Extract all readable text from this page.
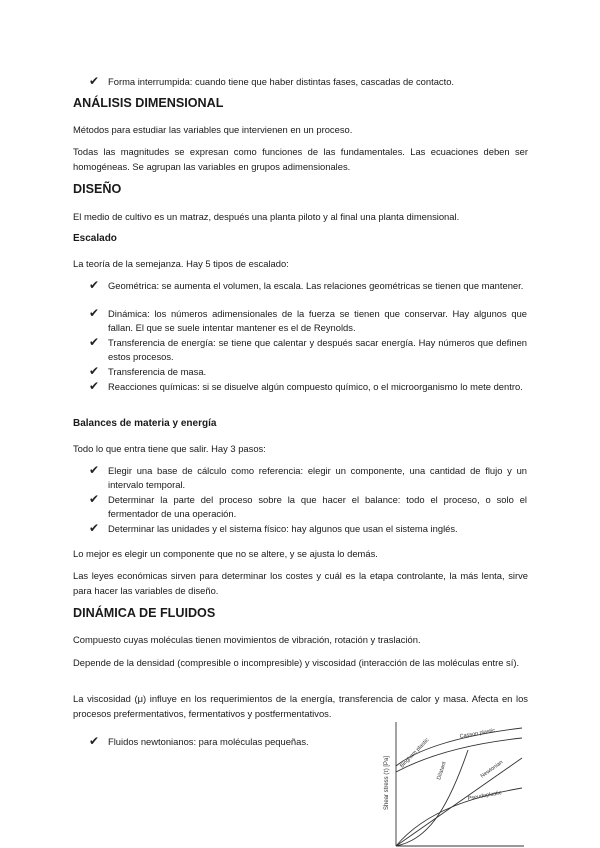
✔ Forma interrumpida: cuando tiene que haber distintas fases, cascadas de contacto.
ANÁLISIS DIMENSIONAL
Métodos para estudiar las variables que intervienen en un proceso.
Todas las magnitudes se expresan como funciones de las fundamentales. Las ecuaciones deben ser homogéneas. Se agrupan las variables en grupos adimensionales.
DISEÑO
El medio de cultivo es un matraz, después una planta piloto y al final una planta dimensional.
Escalado
La teoría de la semejanza. Hay 5 tipos de escalado:
✔ Geométrica: se aumenta el volumen, la escala. Las relaciones geométricas se tienen que mantener.
✔ Dinámica: los números adimensionales de la fuerza se tienen que conservar. Hay algunos que fallan. El que se suele intentar mantener es el de Reynolds.
✔ Transferencia de energía: se tiene que calentar y después sacar energía. Hay números que definen estos procesos.
✔ Transferencia de masa.
✔ Reacciones químicas: si se disuelve algún compuesto químico, o el microorganismo lo mete dentro.
Balances de materia y energía
Todo lo que entra tiene que salir. Hay 3 pasos:
✔ Elegir una base de cálculo como referencia: elegir un componente, una cantidad de flujo y un intervalo temporal.
✔ Determinar la parte del proceso sobre la que hacer el balance: todo el proceso, o solo el fermentador de una operación.
✔ Determinar las unidades y el sistema físico: hay algunos que usan el sistema inglés.
Lo mejor es elegir un componente que no se altere, y se ajusta lo demás.
Las leyes económicas sirven para determinar los costes y cuál es la etapa controlante, la más lenta, sirve para hacer las variables de diseño.
DINÁMICA DE FLUIDOS
Compuesto cuyas moléculas tienen movimientos de vibración, rotación y traslación.
Depende de la densidad (compresible o incompresible) y viscosidad (interacción de las moléculas entre sí).
La viscosidad (μ) influye en los requerimientos de la energía, transferencia de calor y masa. Afecta en los procesos prefermentativos, fermentativos y postfermentativos.
✔ Fluidos newtonianos: para moléculas pequeñas.
Shear stress (τ) [Pa]
Bingham plastic
Casson plastic
Dilatant	Newtonian
Pseudoplastic
